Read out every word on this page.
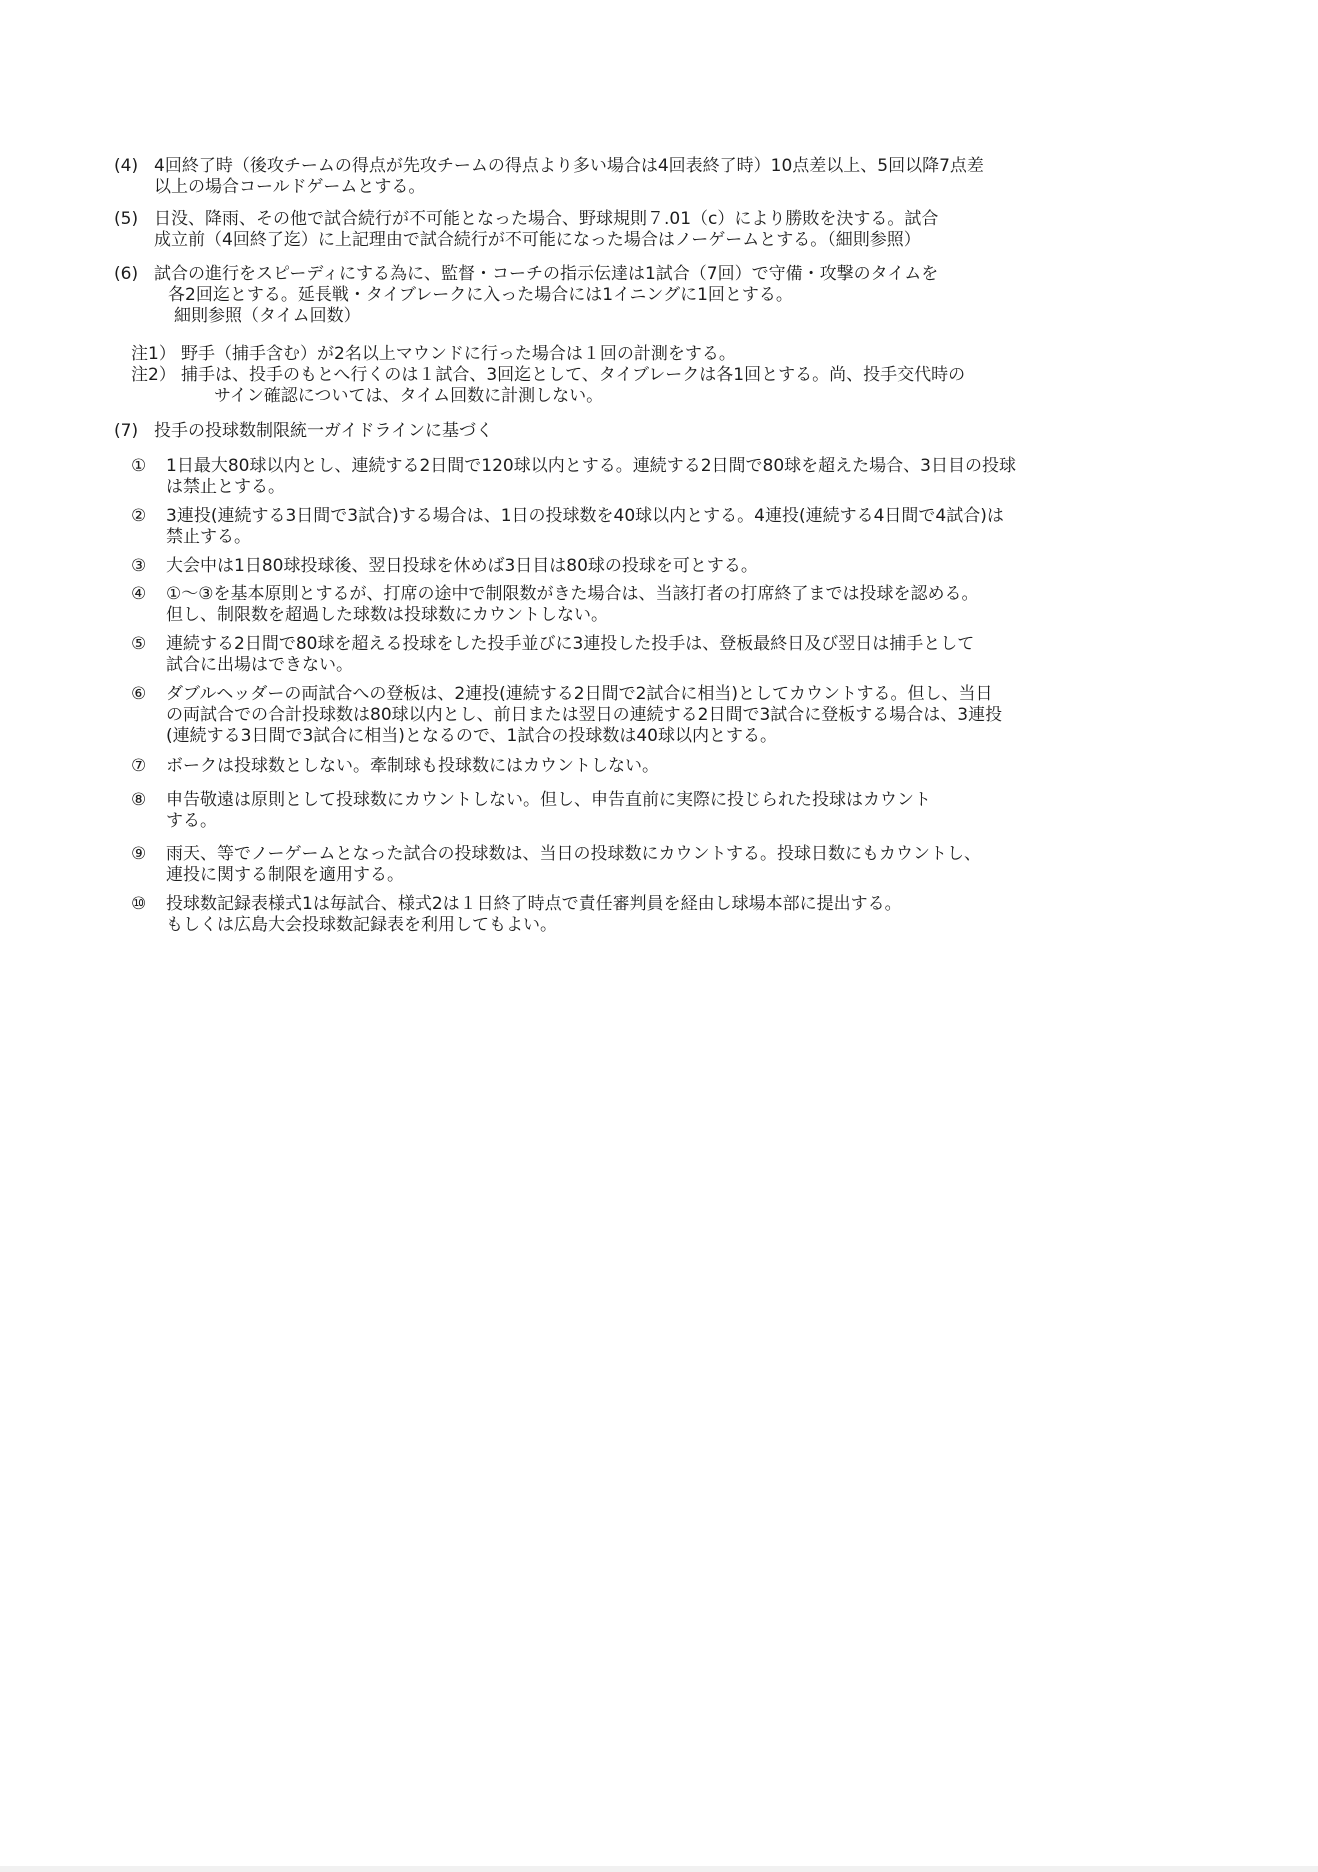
(4) 4回終了時（後攻チームの得点が先攻チームの得点より多い場合は4回表終了時）10点差以上、5回以降7点差
以上の場合コールドゲームとする。
(5) 日没、降雨、その他で試合続行が不可能となった場合、野球規則７.01（c）により勝敗を決する。試合
成立前（4回終了迄）に上記理由で試合続行が不可能になった場合はノーゲームとする。（細則参照）
(6) 試合の進行をスピーディにする為に、監督・コーチの指示伝達は1試合（7回）で守備・攻撃のタイムを
各2回迄とする。延長戦・タイブレークに入った場合には1イニングに1回とする。
細則参照（タイム回数）
注1） 野手（捕手含む）が2名以上マウンドに行った場合は１回の計測をする。
注2） 捕手は、投手のもとへ行くのは１試合、3回迄として、タイブレークは各1回とする。尚、投手交代時の
サイン確認については、タイム回数に計測しない。
(7) 投手の投球数制限統一ガイドラインに基づく
①	1日最大80球以内とし、連続する2日間で120球以内とする。連続する2日間で80球を超えた場合、3日目の投球
は禁止とする。
②	3連投(連続する3日間で3試合)する場合は、1日の投球数を40球以内とする。4連投(連続する4日間で4試合)は
禁止する。
③	大会中は1日80球投球後、翌日投球を休めば3日目は80球の投球を可とする。
④	①～③を基本原則とするが、打席の途中で制限数がきた場合は、当該打者の打席終了までは投球を認める。
但し、制限数を超過した球数は投球数にカウントしない。
⑤	連続する2日間で80球を超える投球をした投手並びに3連投した投手は、登板最終日及び翌日は捕手として
試合に出場はできない。
⑥	ダブルヘッダーの両試合への登板は、2連投(連続する2日間で2試合に相当)としてカウントする。但し、当日
の両試合での合計投球数は80球以内とし、前日または翌日の連続する2日間で3試合に登板する場合は、3連投
(連続する3日間で3試合に相当)となるので、1試合の投球数は40球以内とする。
⑦	ボークは投球数としない。牽制球も投球数にはカウントしない。
⑧	申告敬遠は原則として投球数にカウントしない。但し、申告直前に実際に投じられた投球はカウント
する。
⑨	雨天、等でノーゲームとなった試合の投球数は、当日の投球数にカウントする。投球日数にもカウントし、
連投に関する制限を適用する。
⑩	投球数記録表様式1は毎試合、様式2は１日終了時点で責任審判員を経由し球場本部に提出する。
もしくは広島大会投球数記録表を利用してもよい。
